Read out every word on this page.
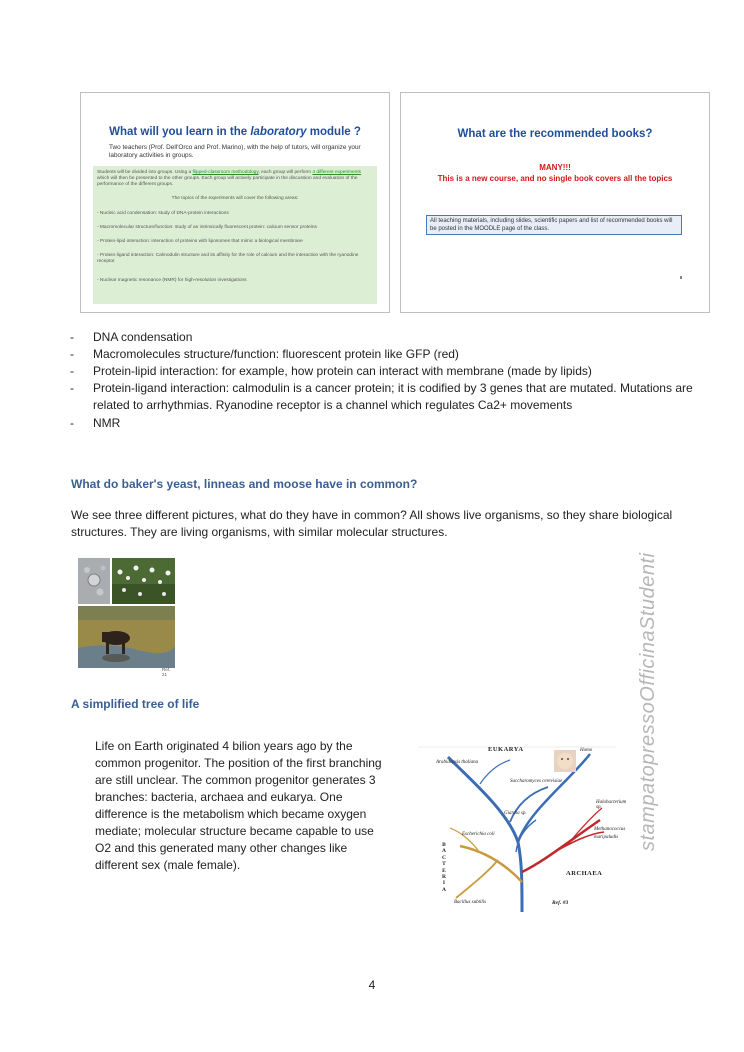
What will you learn in the laboratory module ?
Two teachers (Prof. Dell'Orco and Prof. Marino), with the help of tutors, will organize your laboratory activities in groups.
Students will be divided into groups. Using a flipped-classroom methodology, each group will perform 4 different experiments which will then be presented to the other groups. Each group will actively participate in the discussion and evaluation of the performance of the different groups.
The topics of the experiments will cover the following areas:
- Nucleic acid condensation: study of DNA-protein interactions
- Macromolecular structure/function: study of an intrinsically fluorescent protein: calcium sensor proteins
- Protein-lipid interaction: interaction of proteins with liposomes that mimic a biological membrane
- Protein-ligand interaction: Calmodulin structure and its affinity for the role of calcium and the interaction with the ryanodine receptor
- Nuclear magnetic resonance (NMR) for high-resolution investigations
What are the recommended books?
MANY!!!
This is a new course, and no single book covers all the topics
All teaching materials, including slides, scientific papers and list of recommended books will be posted in the MOODLE page of the class.
- DNA condensation
- Macromolecules structure/function: fluorescent protein like GFP (red)
- Protein-lipid interaction: for example, how protein can interact with membrane (made by lipids)
- Protein-ligand interaction: calmodulin is a cancer protein; it is codified by 3 genes that are mutated. Mutations are related to arrhythmias. Ryanodine receptor is a channel which regulates Ca2+ movements
- NMR
What do baker's yeast, linneas and moose have in common?
We see three different pictures, what do they have in common? All shows live organisms, so they share biological structures. They are living organisms, with similar molecular structures.
Ref. 21
A simplified tree of life
Life on Earth originated 4 bilion years ago by the common progenitor. The position of the first branching are still unclear. The common progenitor generates 3 branches: bacteria, archaea and eukarya. One difference is the metabolism which became oxygen mediate; molecular structure became capable to use O2 and this generated many other changes like different sex (male female).
EUKARYA	Homo
Arabidopsis thaliana
Saccharomyces cerevisiae
Giardia sp.
Halobacterium sp.
Methanococcus
maripaludis
Escherichia coli
Bacillus subtilis
ARCHAEA
Ref. #3
B
A
C
T
E
R
I
A
stampatopressoOfficinaStudenti
4
